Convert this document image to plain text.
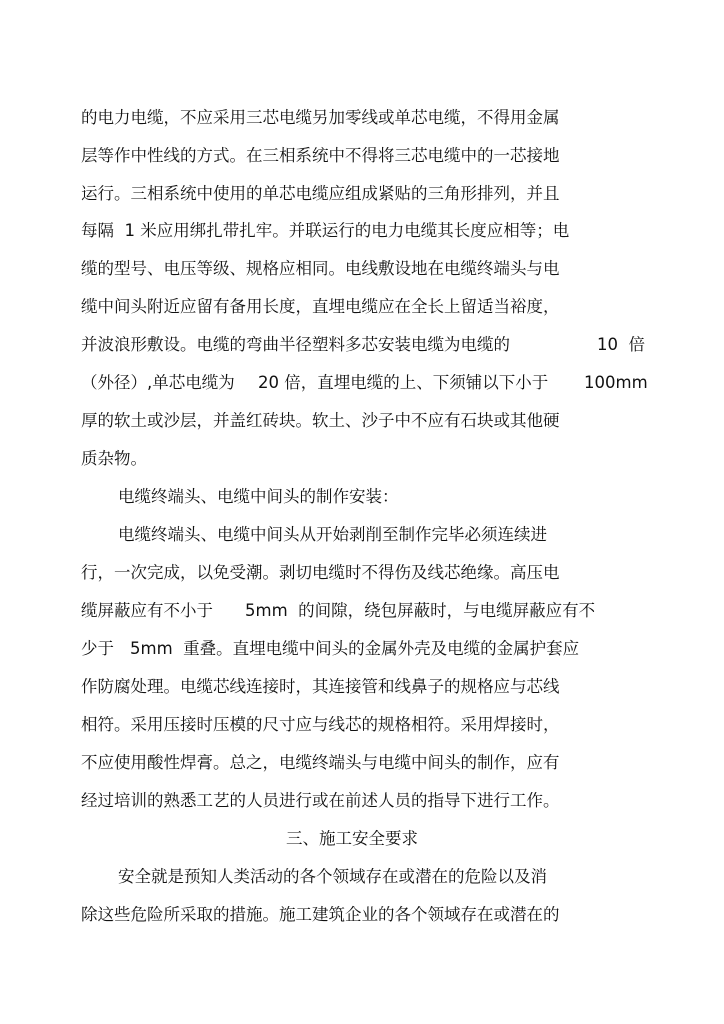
的电力电缆，不应采用三芯电缆另加零线或单芯电缆，不得用金属
层等作中性线的方式。在三相系统中不得将三芯电缆中的一芯接地
运行。三相系统中使用的单芯电缆应组成紧贴的三角形排列，并且
每隔  1 米应用绑扎带扎牢。并联运行的电力电缆其长度应相等；电
缆的型号、电压等级、规格应相同。电线敷设地在电缆终端头与电
缆中间头附近应留有备用长度，直埋电缆应在全长上留适当裕度，
并波浪形敷设。电缆的弯曲半径塑料多芯安装电缆为电缆的	10  倍
（外径）,单芯电缆为 20 倍，直埋电缆的上、下须铺以下小于 100mm
厚的软土或沙层，并盖红砖块。软土、沙子中不应有石块或其他硬
质杂物。
电缆终端头、电缆中间头的制作安装：
电缆终端头、电缆中间头从开始剥削至制作完毕必须连续进
行，一次完成，以免受潮。剥切电缆时不得伤及线芯绝缘。高压电
缆屏蔽应有不小于 5mm  的间隙，绕包屏蔽时，与电缆屏蔽应有不
少于 5mm  重叠。直埋电缆中间头的金属外壳及电缆的金属护套应
作防腐处理。电缆芯线连接时，其连接管和线鼻子的规格应与芯线
相符。采用压接时压模的尺寸应与线芯的规格相符。采用焊接时，
不应使用酸性焊膏。总之，电缆终端头与电缆中间头的制作，应有
经过培训的熟悉工艺的人员进行或在前述人员的指导下进行工作。
三、施工安全要求
安全就是预知人类活动的各个领域存在或潜在的危险以及消
除这些危险所采取的措施。施工建筑企业的各个领域存在或潜在的
